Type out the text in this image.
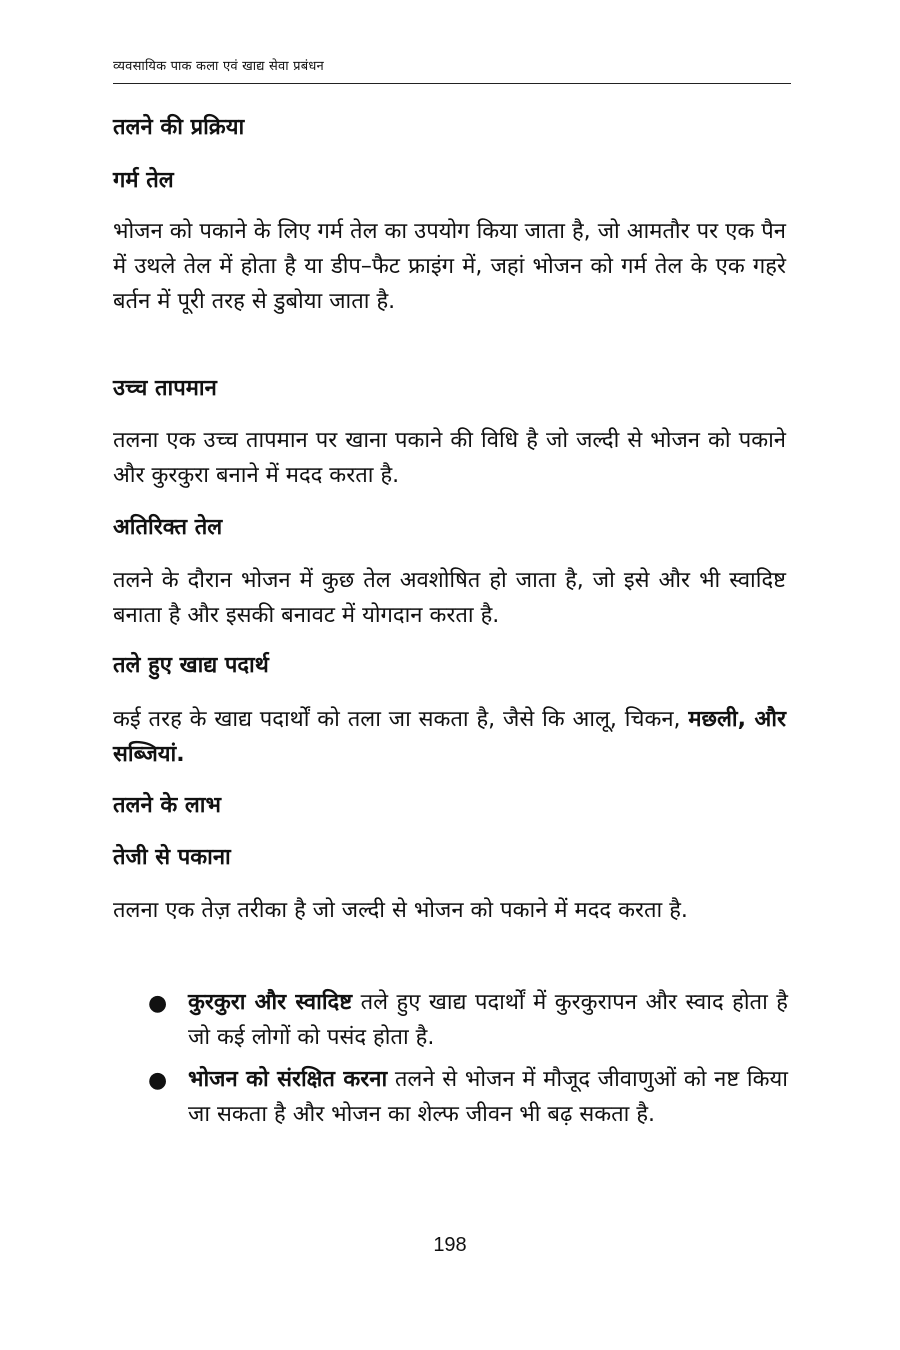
व्यवसायिक पाक कला एवं खाद्य सेवा प्रबंधन
तलने की प्रक्रिया
गर्म तेल
भोजन को पकाने के लिए गर्म तेल का उपयोग किया जाता है, जो आमतौर पर एक पैन में उथले तेल में होता है या डीप–फैट फ्राइंग में, जहां भोजन को गर्म तेल के एक गहरे बर्तन में पूरी तरह से डुबोया जाता है.
उच्च तापमान
तलना एक उच्च तापमान पर खाना पकाने की विधि है जो जल्दी से भोजन को पकाने और कुरकुरा बनाने में मदद करता है.
अतिरिक्त तेल
तलने के दौरान भोजन में कुछ तेल अवशोषित हो जाता है, जो इसे और भी स्वादिष्ट बनाता है और इसकी बनावट में योगदान करता है.
तले हुए खाद्य पदार्थ
कई तरह के खाद्य पदार्थों को तला जा सकता है, जैसे कि आलू, चिकन, मछली, और सब्जियां.
तलने के लाभ
तेजी से पकाना
तलना एक तेज़ तरीका है जो जल्दी से भोजन को पकाने में मदद करता है.
● कुरकुरा और स्वादिष्ट तले हुए खाद्य पदार्थों में कुरकुरापन और स्वाद होता है जो कई लोगों को पसंद होता है.
● भोजन को संरक्षित करना तलने से भोजन में मौजूद जीवाणुओं को नष्ट किया जा सकता है और भोजन का शेल्फ जीवन भी बढ़ सकता है.
198
